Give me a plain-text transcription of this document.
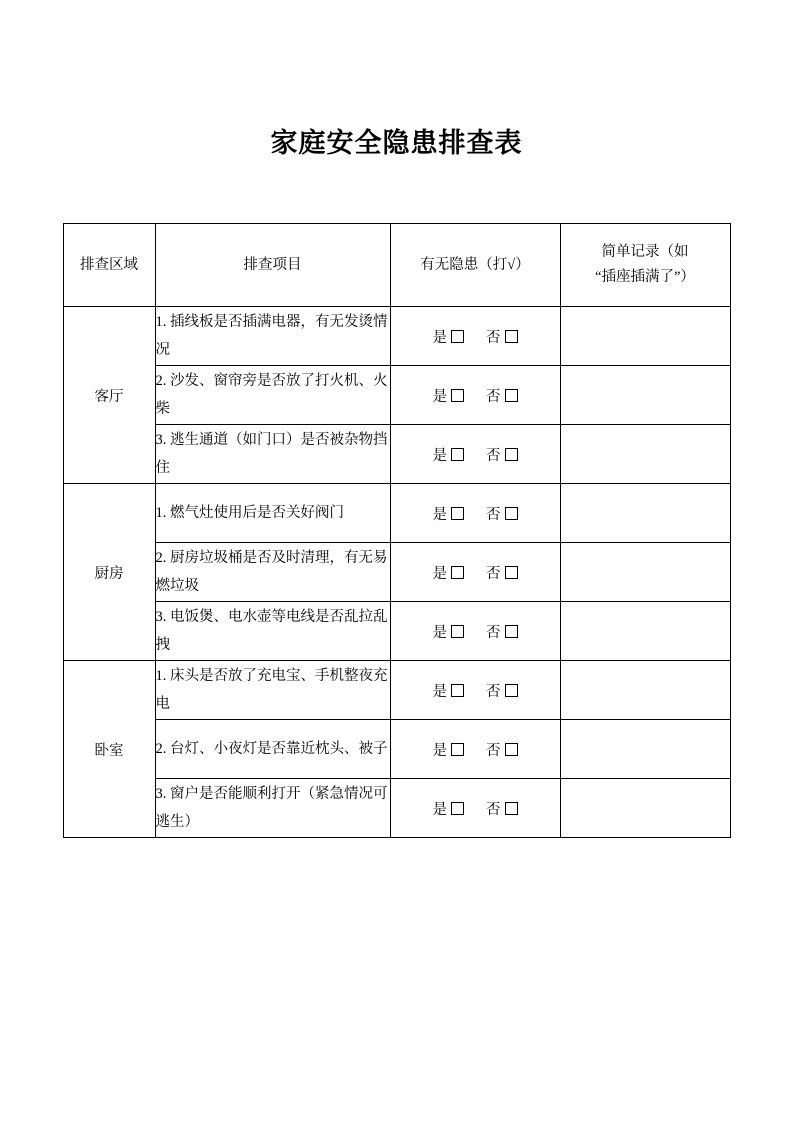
家庭安全隐患排查表
排查区域	排查项目	有无隐患（打√）	简单记录（如
“插座插满了”）

客厅	1. 插线板是否插满电器，有无发烫情况	是 否	
	2. 沙发、窗帘旁是否放了打火机、火柴	是 否	
	3. 逃生通道（如门口）是否被杂物挡住	是 否	
厨房	1. 燃气灶使用后是否关好阀门	是 否	
	2. 厨房垃圾桶是否及时清理，有无易燃垃圾	是 否	
	3. 电饭煲、电水壶等电线是否乱拉乱拽	是 否	
卧室	1. 床头是否放了充电宝、手机整夜充电	是 否	
	2. 台灯、小夜灯是否靠近枕头、被子	是 否	
	3. 窗户是否能顺利打开（紧急情况可逃生）	是 否	
